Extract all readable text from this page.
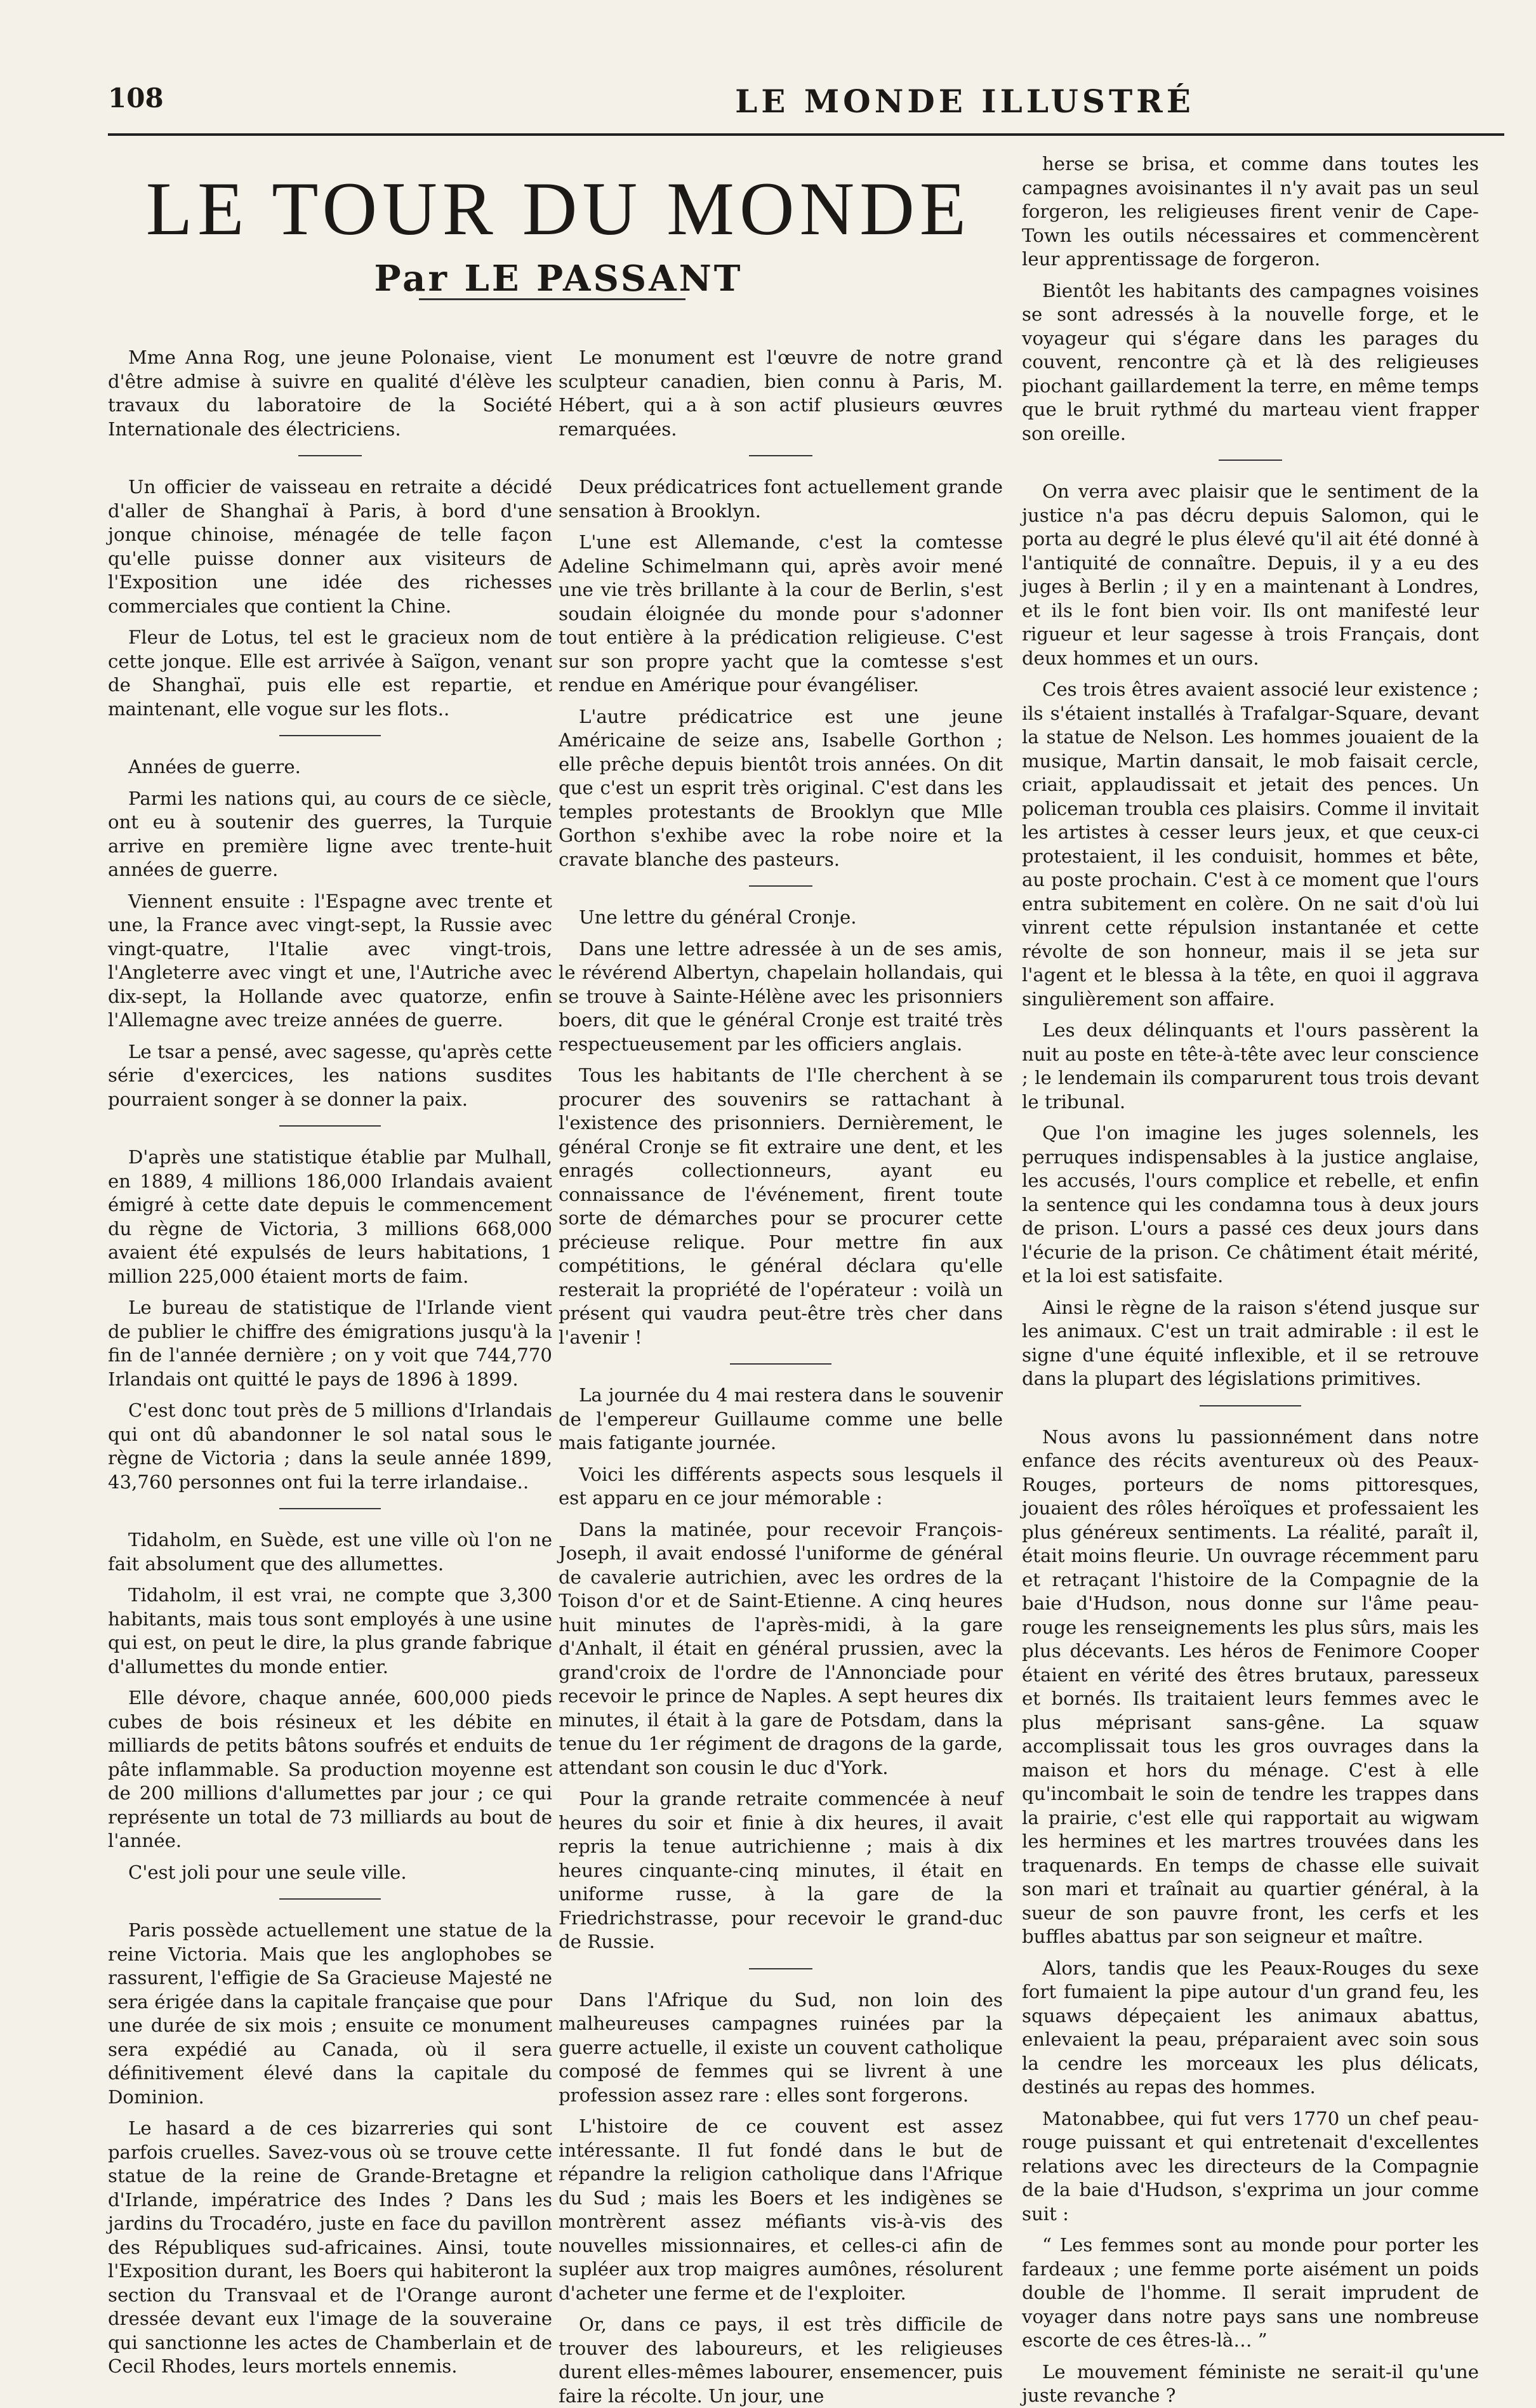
108	LE MONDE ILLUSTRÉ
LE TOUR DU MONDE
Par LE PASSANT

Mme Anna Rog, une jeune Polonaise, vient d'être admise à suivre en qualité d'élève les travaux du laboratoire de la Société Internationale des électriciens.

Un officier de vaisseau en retraite a décidé d'aller de Shanghaï à Paris, à bord d'une jonque chinoise, ménagée de telle façon qu'elle puisse donner aux visiteurs de l'Exposition une idée des richesses commerciales que contient la Chine.

Fleur de Lotus, tel est le gracieux nom de cette jonque. Elle est arrivée à Saïgon, venant de Shanghaï, puis elle est repartie, et maintenant, elle vogue sur les flots..

Années de guerre.

Parmi les nations qui, au cours de ce siècle, ont eu à soutenir des guerres, la Turquie arrive en première ligne avec trente-huit années de guerre.

Viennent ensuite : l'Espagne avec trente et une, la France avec vingt-sept, la Russie avec vingt-quatre, l'Italie avec vingt-trois, l'Angleterre avec vingt et une, l'Autriche avec dix-sept, la Hollande avec quatorze, enfin l'Allemagne avec treize années de guerre.

Le tsar a pensé, avec sagesse, qu'après cette série d'exercices, les nations susdites pourraient songer à se donner la paix.

D'après une statistique établie par Mulhall, en 1889, 4 millions 186,000 Irlandais avaient émigré à cette date depuis le commencement du règne de Victoria, 3 millions 668,000 avaient été expulsés de leurs habitations, 1 million 225,000 étaient morts de faim.

Le bureau de statistique de l'Irlande vient de publier le chiffre des émigrations jusqu'à la fin de l'année dernière ; on y voit que 744,770 Irlandais ont quitté le pays de 1896 à 1899.

C'est donc tout près de 5 millions d'Irlandais qui ont dû abandonner le sol natal sous le règne de Victoria ; dans la seule année 1899, 43,760 personnes ont fui la terre irlandaise..

Tidaholm, en Suède, est une ville où l'on ne fait absolument que des allumettes.

Tidaholm, il est vrai, ne compte que 3,300 habitants, mais tous sont employés à une usine qui est, on peut le dire, la plus grande fabrique d'allumettes du monde entier.

Elle dévore, chaque année, 600,000 pieds cubes de bois résineux et les débite en milliards de petits bâtons soufrés et enduits de pâte inflammable. Sa production moyenne est de 200 millions d'allumettes par jour ; ce qui représente un total de 73 milliards au bout de l'année.

C'est joli pour une seule ville.

Paris possède actuellement une statue de la reine Victoria. Mais que les anglophobes se rassurent, l'effigie de Sa Gracieuse Majesté ne sera érigée dans la capitale française que pour une durée de six mois ; ensuite ce monument sera expédié au Canada, où il sera définitivement élevé dans la capitale du Dominion.

Le hasard a de ces bizarreries qui sont parfois cruelles. Savez-vous où se trouve cette statue de la reine de Grande-Bretagne et d'Irlande, impératrice des Indes ? Dans les jardins du Trocadéro, juste en face du pavillon des Républiques sud-africaines. Ainsi, toute l'Exposition durant, les Boers qui habiteront la section du Transvaal et de l'Orange auront dressée devant eux l'image de la souveraine qui sanctionne les actes de Chamberlain et de Cecil Rhodes, leurs mortels ennemis.

Le monument est l'œuvre de notre grand sculpteur canadien, bien connu à Paris, M. Hébert, qui a à son actif plusieurs œuvres remarquées.

Deux prédicatrices font actuellement grande sensation à Brooklyn.

L'une est Allemande, c'est la comtesse Adeline Schimelmann qui, après avoir mené une vie très brillante à la cour de Berlin, s'est soudain éloignée du monde pour s'adonner tout entière à la prédication religieuse. C'est sur son propre yacht que la comtesse s'est rendue en Amérique pour évangéliser.

L'autre prédicatrice est une jeune Américaine de seize ans, Isabelle Gorthon ; elle prêche depuis bientôt trois années. On dit que c'est un esprit très original. C'est dans les temples protestants de Brooklyn que Mlle Gorthon s'exhibe avec la robe noire et la cravate blanche des pasteurs.

Une lettre du général Cronje.

Dans une lettre adressée à un de ses amis, le révérend Albertyn, chapelain hollandais, qui se trouve à Sainte-Hélène avec les prisonniers boers, dit que le général Cronje est traité très respectueusement par les officiers anglais.

Tous les habitants de l'Ile cherchent à se procurer des souvenirs se rattachant à l'existence des prisonniers. Dernièrement, le général Cronje se fit extraire une dent, et les enragés collectionneurs, ayant eu connaissance de l'événement, firent toute sorte de démarches pour se procurer cette précieuse relique. Pour mettre fin aux compétitions, le général déclara qu'elle resterait la propriété de l'opérateur : voilà un présent qui vaudra peut-être très cher dans l'avenir !

La journée du 4 mai restera dans le souvenir de l'empereur Guillaume comme une belle mais fatigante journée.

Voici les différents aspects sous lesquels il est apparu en ce jour mémorable :

Dans la matinée, pour recevoir François-Joseph, il avait endossé l'uniforme de général de cavalerie autrichien, avec les ordres de la Toison d'or et de Saint-Etienne. A cinq heures huit minutes de l'après-midi, à la gare d'Anhalt, il était en général prussien, avec la grand'croix de l'ordre de l'Annonciade pour recevoir le prince de Naples. A sept heures dix minutes, il était à la gare de Potsdam, dans la tenue du 1er régiment de dragons de la garde, attendant son cousin le duc d'York.

Pour la grande retraite commencée à neuf heures du soir et finie à dix heures, il avait repris la tenue autrichienne ; mais à dix heures cinquante-cinq minutes, il était en uniforme russe, à la gare de la Friedrichstrasse, pour recevoir le grand-duc de Russie.

Dans l'Afrique du Sud, non loin des malheureuses campagnes ruinées par la guerre actuelle, il existe un couvent catholique composé de femmes qui se livrent à une profession assez rare : elles sont forgerons.

L'histoire de ce couvent est assez intéressante. Il fut fondé dans le but de répandre la religion catholique dans l'Afrique du Sud ; mais les Boers et les indigènes se montrèrent assez méfiants vis-à-vis des nouvelles missionnaires, et celles-ci afin de supléer aux trop maigres aumônes, résolurent d'acheter une ferme et de l'exploiter.

Or, dans ce pays, il est très difficile de trouver des laboureurs, et les religieuses durent elles-mêmes labourer, ensemencer, puis faire la récolte. Un jour, une

herse se brisa, et comme dans toutes les campagnes avoisinantes il n'y avait pas un seul forgeron, les religieuses firent venir de Cape-Town les outils nécessaires et commencèrent leur apprentissage de forgeron.

Bientôt les habitants des campagnes voisines se sont adressés à la nouvelle forge, et le voyageur qui s'égare dans les parages du couvent, rencontre çà et là des religieuses piochant gaillardement la terre, en même temps que le bruit rythmé du marteau vient frapper son oreille.

On verra avec plaisir que le sentiment de la justice n'a pas décru depuis Salomon, qui le porta au degré le plus élevé qu'il ait été donné à l'antiquité de connaître. Depuis, il y a eu des juges à Berlin ; il y en a maintenant à Londres, et ils le font bien voir. Ils ont manifesté leur rigueur et leur sagesse à trois Français, dont deux hommes et un ours.

Ces trois êtres avaient associé leur existence ; ils s'étaient installés à Trafalgar-Square, devant la statue de Nelson. Les hommes jouaient de la musique, Martin dansait, le mob faisait cercle, criait, applaudissait et jetait des pences. Un policeman troubla ces plaisirs. Comme il invitait les artistes à cesser leurs jeux, et que ceux-ci protestaient, il les conduisit, hommes et bête, au poste prochain. C'est à ce moment que l'ours entra subitement en colère. On ne sait d'où lui vinrent cette répulsion instantanée et cette révolte de son honneur, mais il se jeta sur l'agent et le blessa à la tête, en quoi il aggrava singulièrement son affaire.

Les deux délinquants et l'ours passèrent la nuit au poste en tête-à-tête avec leur conscience ; le lendemain ils comparurent tous trois devant le tribunal.

Que l'on imagine les juges solennels, les perruques indispensables à la justice anglaise, les accusés, l'ours complice et rebelle, et enfin la sentence qui les condamna tous à deux jours de prison. L'ours a passé ces deux jours dans l'écurie de la prison. Ce châtiment était mérité, et la loi est satisfaite.

Ainsi le règne de la raison s'étend jusque sur les animaux. C'est un trait admirable : il est le signe d'une équité inflexible, et il se retrouve dans la plupart des législations primitives.

Nous avons lu passionnément dans notre enfance des récits aventureux où des Peaux-Rouges, porteurs de noms pittoresques, jouaient des rôles héroïques et professaient les plus généreux sentiments. La réalité, paraît il, était moins fleurie. Un ouvrage récemment paru et retraçant l'histoire de la Compagnie de la baie d'Hudson, nous donne sur l'âme peau-rouge les renseignements les plus sûrs, mais les plus décevants. Les héros de Fenimore Cooper étaient en vérité des êtres brutaux, paresseux et bornés. Ils traitaient leurs femmes avec le plus méprisant sans-gêne. La squaw accomplissait tous les gros ouvrages dans la maison et hors du ménage. C'est à elle qu'incombait le soin de tendre les trappes dans la prairie, c'est elle qui rapportait au wigwam les hermines et les martres trouvées dans les traquenards. En temps de chasse elle suivait son mari et traînait au quartier général, à la sueur de son pauvre front, les cerfs et les buffles abattus par son seigneur et maître.

Alors, tandis que les Peaux-Rouges du sexe fort fumaient la pipe autour d'un grand feu, les squaws dépeçaient les animaux abattus, enlevaient la peau, préparaient avec soin sous la cendre les morceaux les plus délicats, destinés au repas des hommes.

Matonabbee, qui fut vers 1770 un chef peau-rouge puissant et qui entretenait d'excellentes relations avec les directeurs de la Compagnie de la baie d'Hudson, s'exprima un jour comme suit :

“ Les femmes sont au monde pour porter les fardeaux ; une femme porte aisément un poids double de l'homme. Il serait imprudent de voyager dans notre pays sans une nombreuse escorte de ces êtres-là… ”

Le mouvement féministe ne serait-il qu'une juste revanche ?
